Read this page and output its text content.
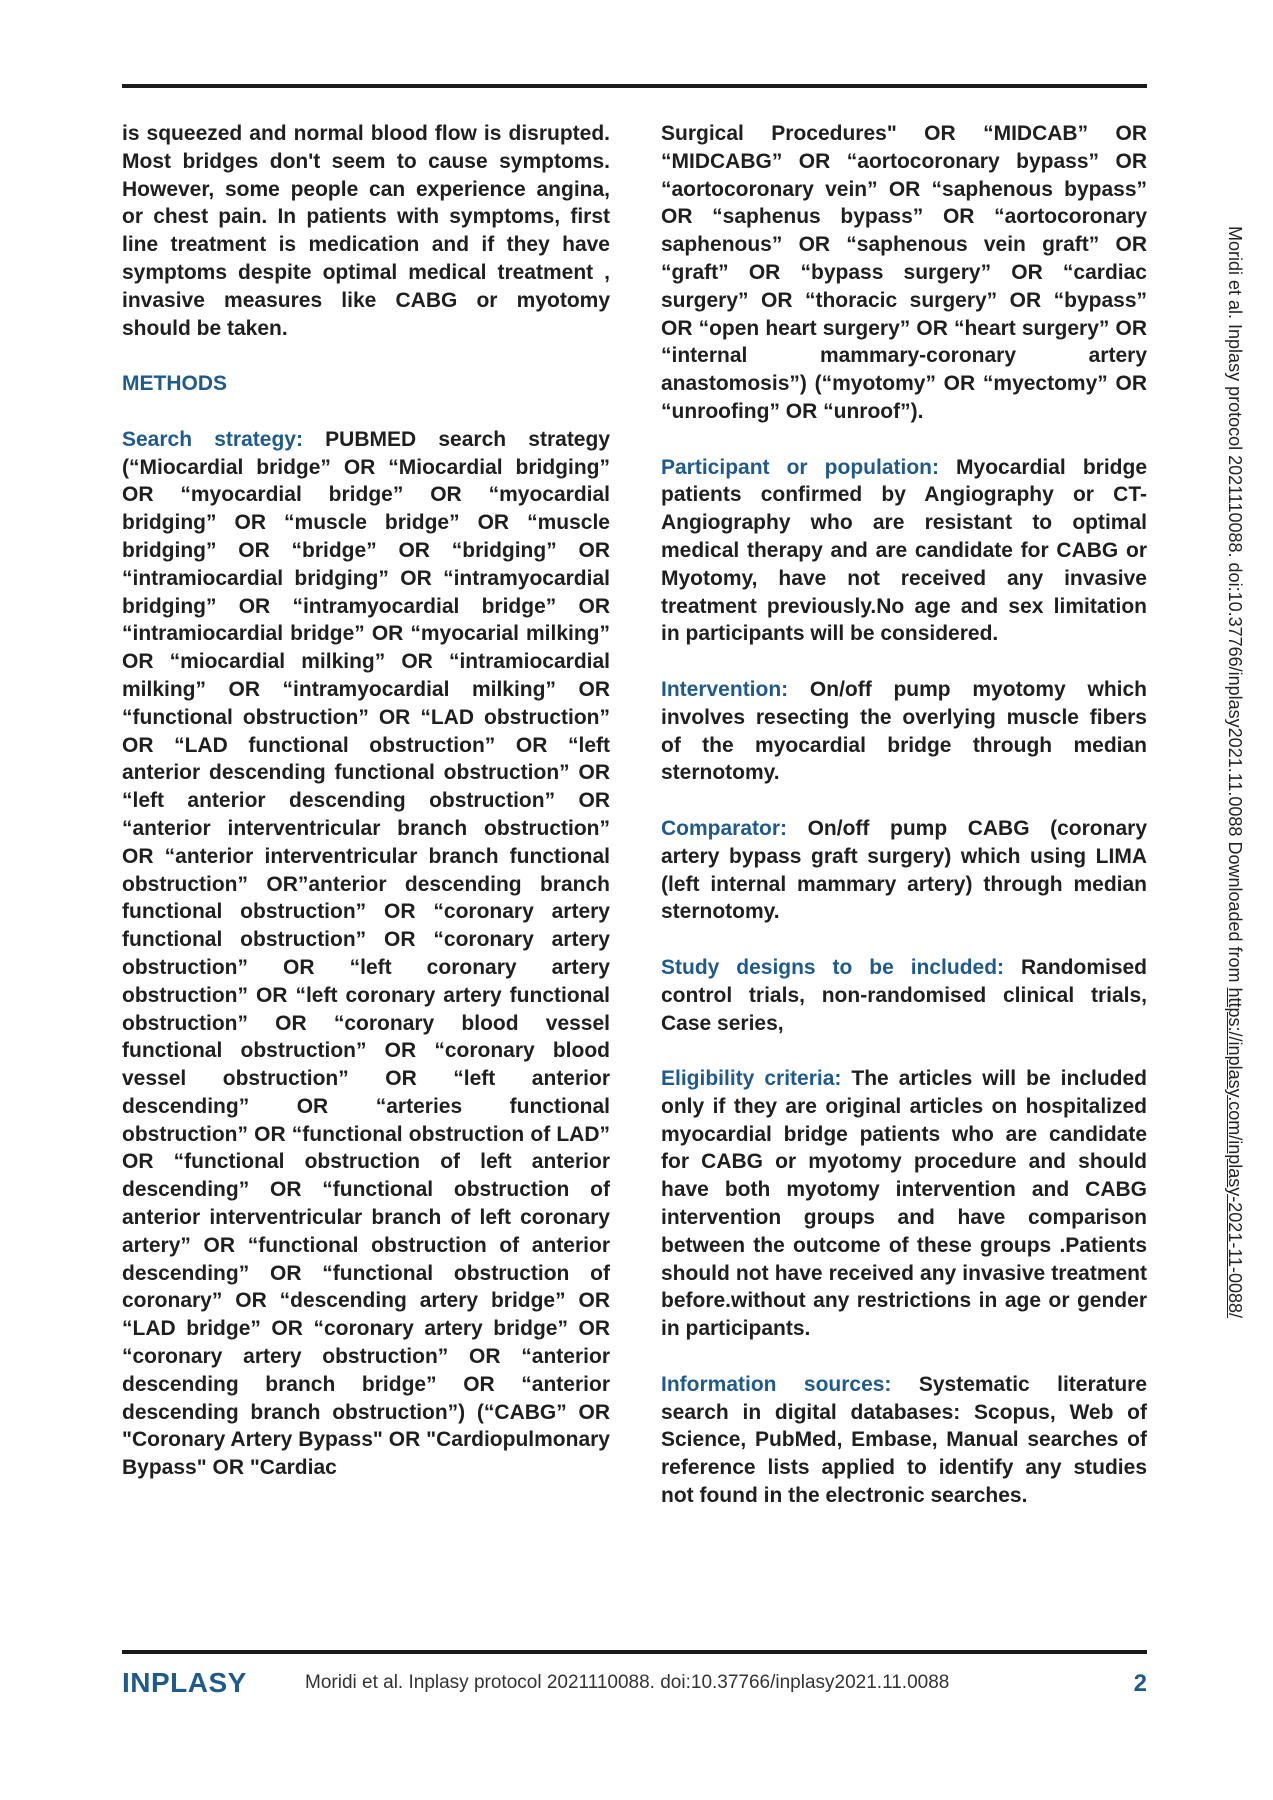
is squeezed and normal blood flow is disrupted. Most bridges don't seem to cause symptoms. However, some people can experience angina, or chest pain. In patients with symptoms, first line treatment is medication and if they have symptoms despite optimal medical treatment , invasive measures like CABG or myotomy should be taken.

METHODS

Search strategy: PUBMED search strategy (“Miocardial bridge” OR “Miocardial bridging” OR “myocardial bridge” OR “myocardial bridging” OR “muscle bridge” OR “muscle bridging” OR “bridge” OR “bridging” OR “intramiocardial bridging” OR “intramyocardial bridging” OR “intramyocardial bridge” OR “intramiocardial bridge” OR “myocarial milking” OR “miocardial milking” OR “intramiocardial milking” OR “intramyocardial milking” OR “functional obstruction” OR “LAD obstruction” OR “LAD functional obstruction” OR “left anterior descending functional obstruction” OR “left anterior descending obstruction” OR “anterior interventricular branch obstruction” OR “anterior interventricular branch functional obstruction” OR”anterior descending branch functional obstruction” OR “coronary artery functional obstruction” OR “coronary artery obstruction” OR “left coronary artery obstruction” OR “left coronary artery functional obstruction” OR “coronary blood vessel functional obstruction” OR “coronary blood vessel obstruction” OR “left anterior descending” OR “arteries functional obstruction” OR “functional obstruction of LAD” OR “functional obstruction of left anterior descending” OR “functional obstruction of anterior interventricular branch of left coronary artery” OR “functional obstruction of anterior descending” OR “functional obstruction of coronary” OR “descending artery bridge” OR “LAD bridge” OR “coronary artery bridge” OR “coronary artery obstruction” OR “anterior descending branch bridge” OR “anterior descending branch obstruction”) (“CABG” OR "Coronary Artery Bypass" OR "Cardiopulmonary Bypass" OR "Cardiac

Surgical Procedures" OR “MIDCAB” OR “MIDCABG” OR “aortocoronary bypass” OR “aortocoronary vein” OR “saphenous bypass” OR “saphenus bypass” OR “aortocoronary saphenous” OR “saphenous vein graft” OR “graft” OR “bypass surgery” OR “cardiac surgery” OR “thoracic surgery” OR “bypass” OR “open heart surgery” OR “heart surgery” OR “internal mammary-coronary artery anastomosis”) (“myotomy” OR “myectomy” OR “unroofing” OR “unroof”).

Participant or population: Myocardial bridge patients confirmed by Angiography or CT-Angiography who are resistant to optimal medical therapy and are candidate for CABG or Myotomy, have not received any invasive treatment previously.No age and sex limitation in participants will be considered.

Intervention: On/off pump myotomy which involves resecting the overlying muscle fibers of the myocardial bridge through median sternotomy.

Comparator: On/off pump CABG (coronary artery bypass graft surgery) which using LIMA (left internal mammary artery) through median sternotomy.

Study designs to be included: Randomised control trials, non-randomised clinical trials, Case series,

Eligibility criteria: The articles will be included only if they are original articles on hospitalized myocardial bridge patients who are candidate for CABG or myotomy procedure and should have both myotomy intervention and CABG intervention groups and have comparison between the outcome of these groups .Patients should not have received any invasive treatment before.without any restrictions in age or gender in participants.

Information sources: Systematic literature search in digital databases: Scopus, Web of Science, PubMed, Embase, Manual searches of reference lists applied to identify any studies not found in the electronic searches.

Moridi et al. Inplasy protocol 2021110088. doi:10.37766/inplasy2021.11.0088 Downloaded from https://inplasy.com/inplasy-2021-11-0088/
INPLASY	Moridi et al. Inplasy protocol 2021110088. doi:10.37766/inplasy2021.11.0088	2
